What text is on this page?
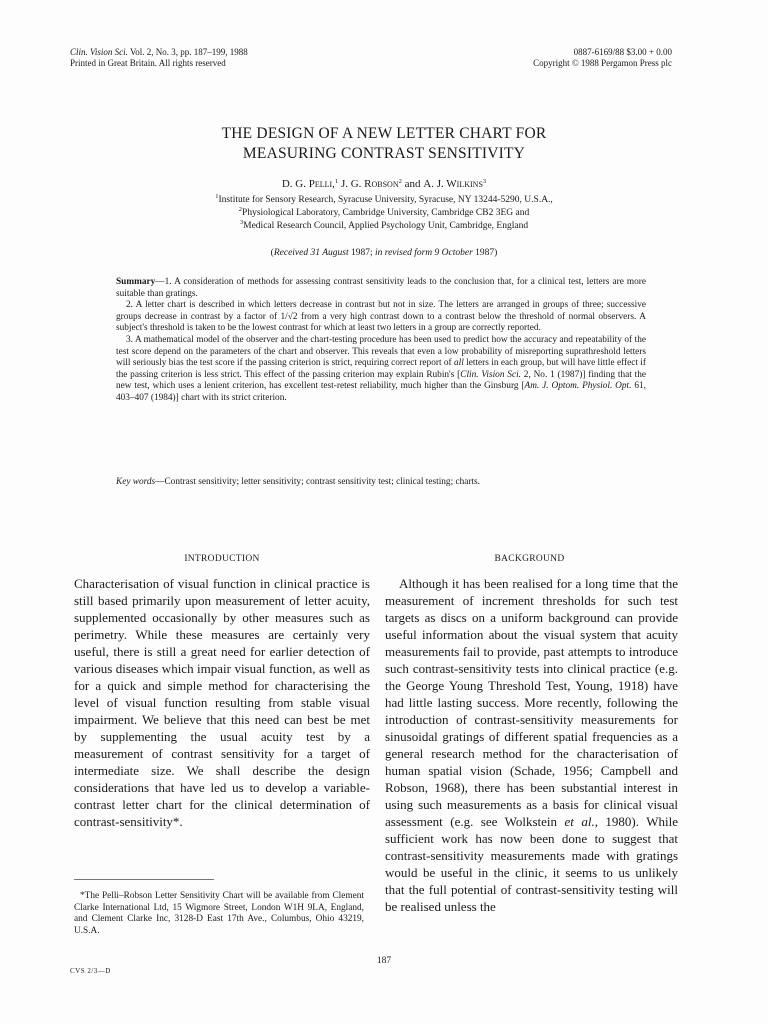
Clin. Vision Sci. Vol. 2, No. 3, pp. 187–199, 1988
Printed in Great Britain. All rights reserved
0887-6169/88 $3.00 + 0.00
Copyright © 1988 Pergamon Press plc
THE DESIGN OF A NEW LETTER CHART FOR
MEASURING CONTRAST SENSITIVITY
D. G. Pelli,$^1$ J. G. Robson$^2$ and A. J. Wilkins$^3$
$^1$Institute for Sensory Research, Syracuse University, Syracuse, NY 13244-5290, U.S.A.,
$^2$Physiological Laboratory, Cambridge University, Cambridge CB2 3EG and
$^3$Medical Research Council, Applied Psychology Unit, Cambridge, England
(Received 31 August 1987; in revised form 9 October 1987)

Summary—1. A consideration of methods for assessing contrast sensitivity leads to the conclusion that, for a clinical test, letters are more suitable than gratings.

2. A letter chart is described in which letters decrease in contrast but not in size. The letters are arranged in groups of three; successive groups decrease in contrast by a factor of 1/√2 from a very high contrast down to a contrast below the threshold of normal observers. A subject's threshold is taken to be the lowest contrast for which at least two letters in a group are correctly reported.

3. A mathematical model of the observer and the chart-testing procedure has been used to predict how the accuracy and repeatability of the test score depend on the parameters of the chart and observer. This reveals that even a low probability of misreporting suprathreshold letters will seriously bias the test score if the passing criterion is strict, requiring correct report of all letters in each group, but will have little effect if the passing criterion is less strict. This effect of the passing criterion may explain Rubin's [Clin. Vision Sci. 2, No. 1 (1987)] finding that the new test, which uses a lenient criterion, has excellent test-retest reliability, much higher than the Ginsburg [Am. J. Optom. Physiol. Opt. 61, 403–407 (1984)] chart with its strict criterion.

Key words—Contrast sensitivity; letter sensitivity; contrast sensitivity test; clinical testing; charts.
INTRODUCTION	BACKGROUND

Characterisation of visual function in clinical practice is still based primarily upon measurement of letter acuity, supplemented occasionally by other measures such as perimetry. While these measures are certainly very useful, there is still a great need for earlier detection of various diseases which impair visual function, as well as for a quick and simple method for characterising the level of visual function resulting from stable visual impairment. We believe that this need can best be met by supplementing the usual acuity test by a measurement of contrast sensitivity for a target of intermediate size. We shall describe the design considerations that have led us to develop a variable-contrast letter chart for the clinical determination of contrast-sensitivity*.

Although it has been realised for a long time that the measurement of increment thresholds for such test targets as discs on a uniform background can provide useful information about the visual system that acuity measurements fail to provide, past attempts to introduce such contrast-sensitivity tests into clinical practice (e.g. the George Young Threshold Test, Young, 1918) have had little lasting success. More recently, following the introduction of contrast-sensitivity measurements for sinusoidal gratings of different spatial frequencies as a general research method for the characterisation of human spatial vision (Schade, 1956; Campbell and Robson, 1968), there has been substantial interest in using such measurements as a basis for clinical visual assessment (e.g. see Wolkstein et al., 1980). While sufficient work has now been done to suggest that contrast-sensitivity measurements made with gratings would be useful in the clinic, it seems to us unlikely that the full potential of contrast-sensitivity testing will be realised unless the

*The Pelli–Robson Letter Sensitivity Chart will be available from Clement Clarke International Ltd, 15 Wigmore Street, London W1H 9LA, England, and Clement Clarke Inc, 3128-D East 17th Ave., Columbus, Ohio 43219, U.S.A.

187
CVS 2/3—D
